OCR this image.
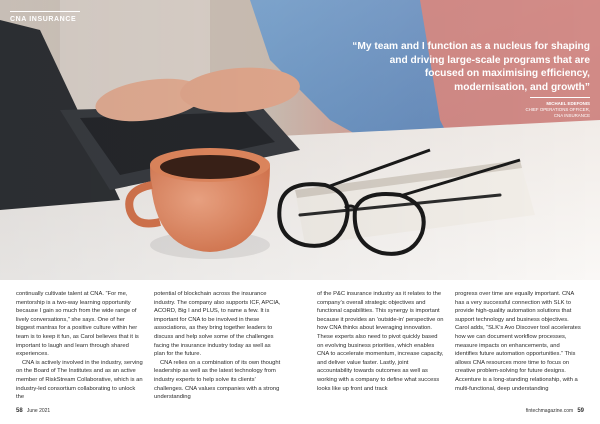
CNA INSURANCE
“My team and I function as a nucleus for shaping and driving large-scale programs that are focused on maximising efficiency, modernisation, and growth”
MICHAEL EDEFONIS
CHIEF OPERATIONS OFFICER,
CNA INSURANCE

continually cultivate talent at CNA. “For me, mentorship is a two-way learning opportunity because I gain so much from the wide range of lively conversations,” she says. One of her biggest mantras for a positive culture within her team is to keep it fun, as Carol believes that it is important to laugh and learn through shared experiences.

CNA is actively involved in the industry, serving on the Board of The Institutes and as an active member of RiskStream Collaborative, which is an industry-led consortium collaborating to unlock the

potential of blockchain across the insurance industry. The company also supports ICF, APCIA, ACORD, Big I and PLUS, to name a few. It is important for CNA to be involved in these associations, as they bring together leaders to discuss and help solve some of the challenges facing the insurance industry today as well as plan for the future.

CNA relies on a combination of its own thought leadership as well as the latest technology from industry experts to help solve its clients’ challenges. CNA values companies with a strong understanding

of the P&C insurance industry as it relates to the company’s overall strategic objectives and functional capabilities. This synergy is important because it provides an ‘outside-in’ perspective on how CNA thinks about leveraging innovation. These experts also need to pivot quickly based on evolving business priorities, which enables CNA to accelerate momentum, increase capacity, and deliver value faster. Lastly, joint accountability towards outcomes as well as working with a company to define what success looks like up front and track

progress over time are equally important. CNA has a very successful connection with SLK to provide high-quality automation solutions that support technology and business objectives. Carol adds, “SLK’s Avo Discover tool accelerates how we can document workflow processes, measure impacts on enhancements, and identifies future automation opportunities.” This allows CNA resources more time to focus on creative problem-solving for future designs. Accenture is a long-standing relationship, with a multi-functional, deep understanding

58 June 2021	fintechmagazine.com 59
